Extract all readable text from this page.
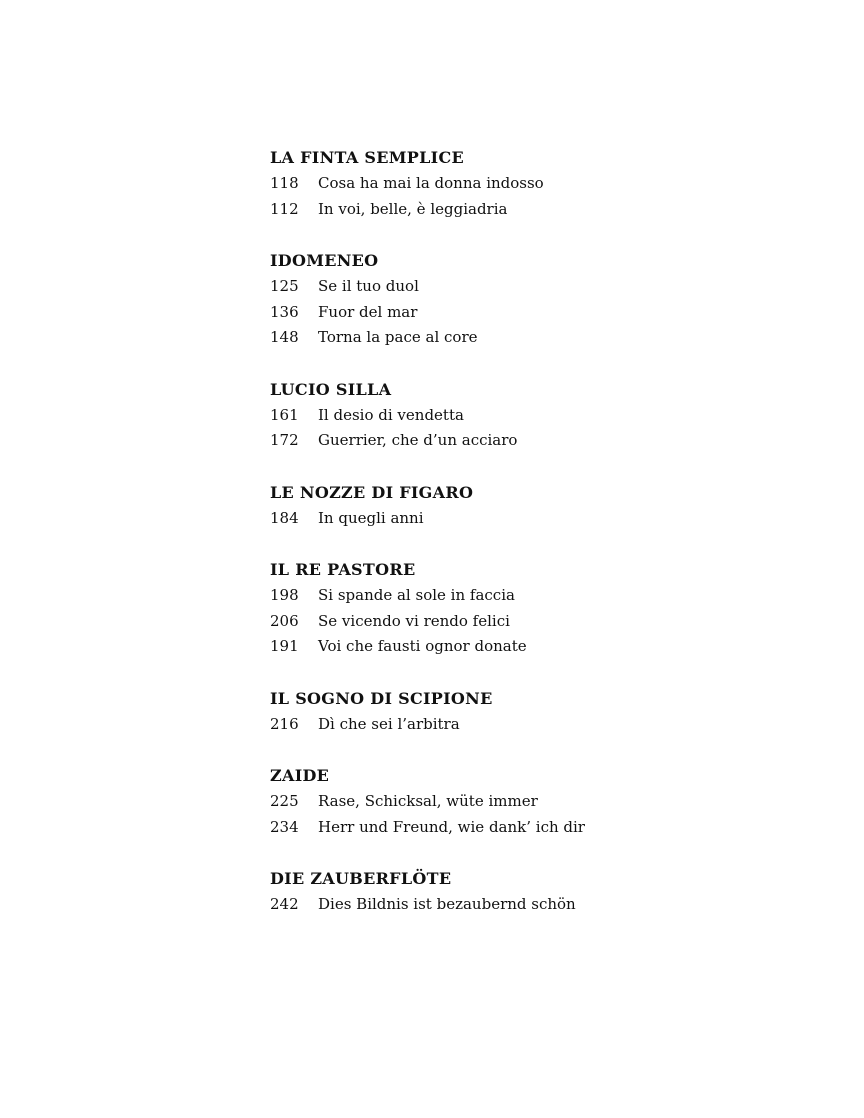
LA FINTA SEMPLICE
118	Cosa ha mai la donna indosso
112	In voi, belle, è leggiadria
IDOMENEO
125	Se il tuo duol
136	Fuor del mar
148	Torna la pace al core
LUCIO SILLA
161	Il desio di vendetta
172	Guerrier, che d’un acciaro
LE NOZZE DI FIGARO
184	In quegli anni
IL RE PASTORE
198	Si spande al sole in faccia
206	Se vicendo vi rendo felici
191	Voi che fausti ognor donate
IL SOGNO DI SCIPIONE
216	Dì che sei l’arbitra
ZAIDE
225	Rase, Schicksal, wüte immer
234	Herr und Freund, wie dank’ ich dir
DIE ZAUBERFLÖTE
242	Dies Bildnis ist bezaubernd schön
